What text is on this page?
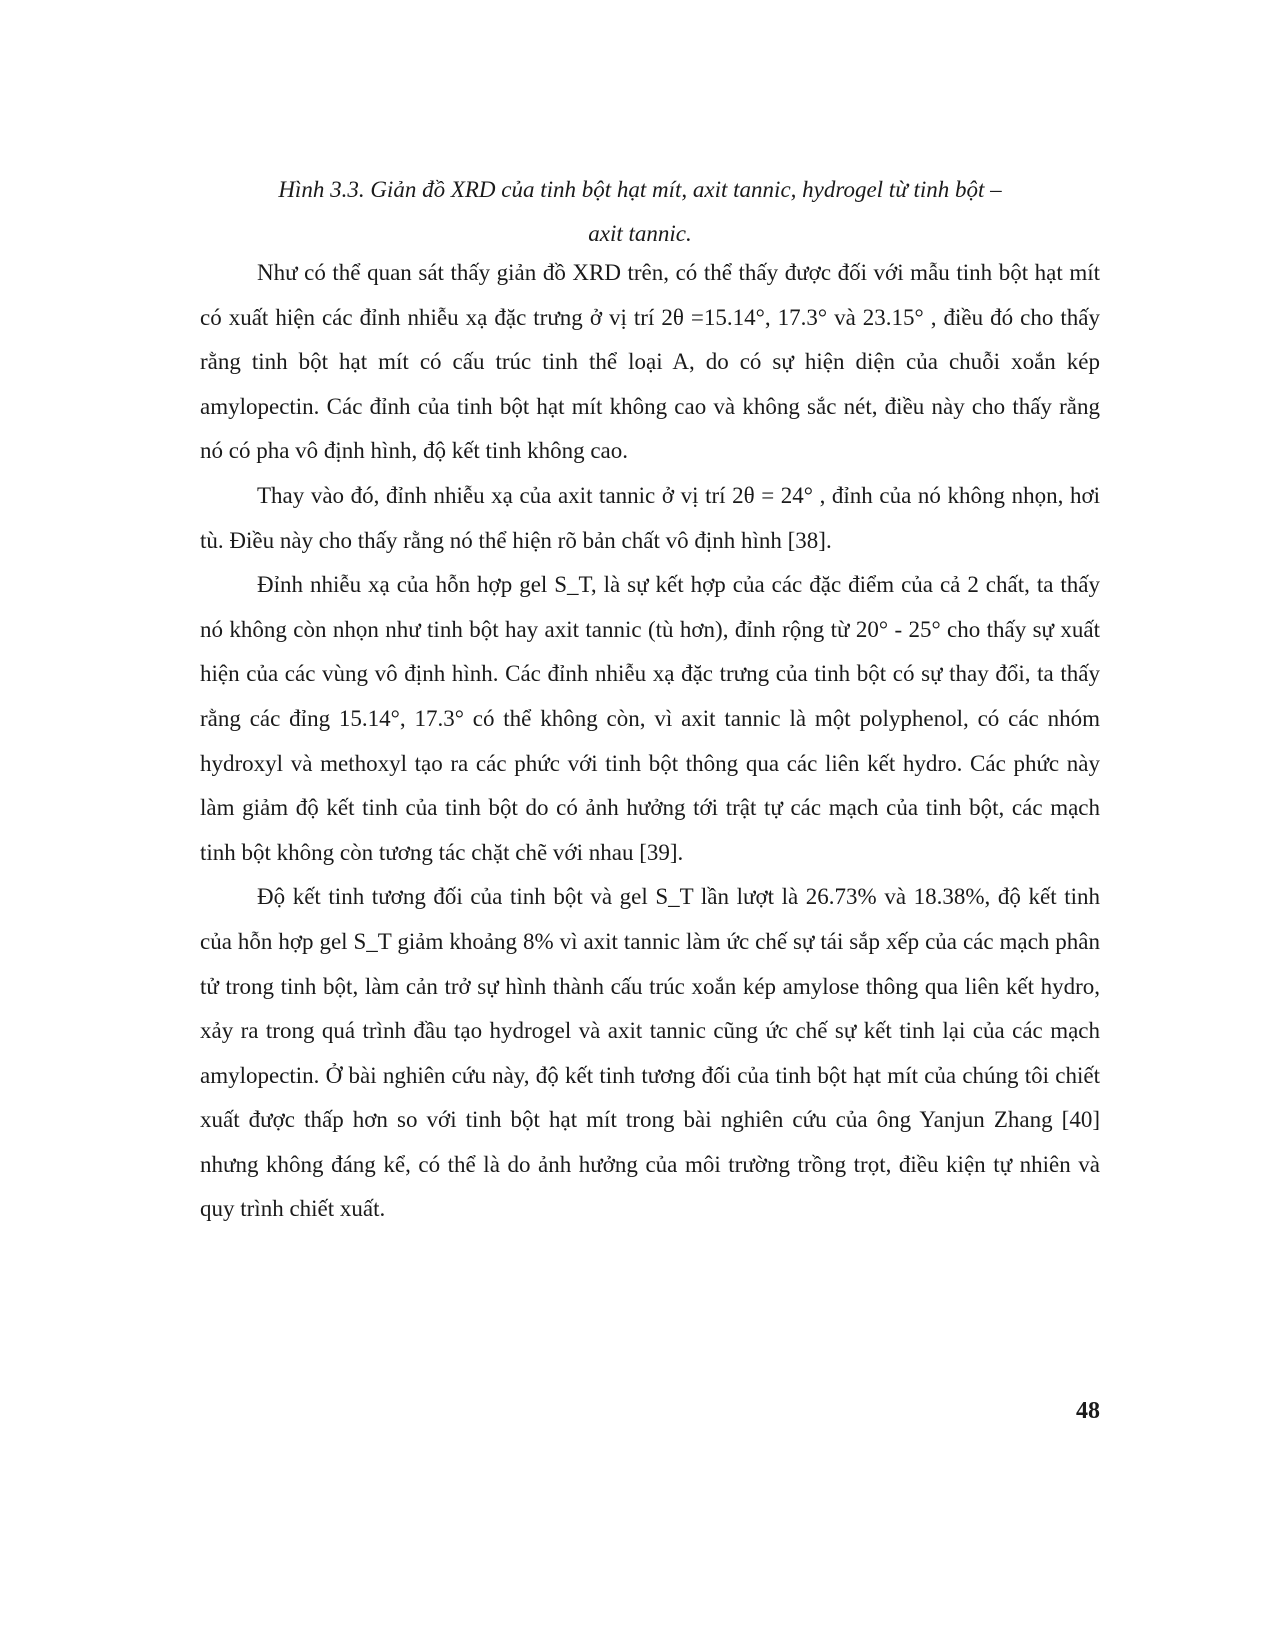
Hình 3.3. Giản đồ XRD của tinh bột hạt mít, axit tannic, hydrogel từ tinh bột –
axit tannic.

Như có thể quan sát thấy giản đồ XRD trên, có thể thấy được đối với mẫu tinh bột hạt mít có xuất hiện các đỉnh nhiễu xạ đặc trưng ở vị trí 2θ =15.14°, 17.3° và 23.15° , điều đó cho thấy rằng tinh bột hạt mít có cấu trúc tinh thể loại A, do có sự hiện diện của chuỗi xoắn kép amylopectin. Các đỉnh của tinh bột hạt mít không cao và không sắc nét, điều này cho thấy rằng nó có pha vô định hình, độ kết tinh không cao.

Thay vào đó, đỉnh nhiễu xạ của axit tannic ở vị trí 2θ = 24° , đỉnh của nó không nhọn, hơi tù. Điều này cho thấy rằng nó thể hiện rõ bản chất vô định hình [38].

Đỉnh nhiễu xạ của hỗn hợp gel S_T, là sự kết hợp của các đặc điểm của cả 2 chất, ta thấy nó không còn nhọn như tinh bột hay axit tannic (tù hơn), đỉnh rộng từ 20° - 25° cho thấy sự xuất hiện của các vùng vô định hình. Các đỉnh nhiễu xạ đặc trưng của tinh bột có sự thay đổi, ta thấy rằng các đỉng 15.14°, 17.3° có thể không còn, vì axit tannic là một polyphenol, có các nhóm hydroxyl và methoxyl tạo ra các phức với tinh bột thông qua các liên kết hydro. Các phức này làm giảm độ kết tinh của tinh bột do có ảnh hưởng tới trật tự các mạch của tinh bột, các mạch tinh bột không còn tương tác chặt chẽ với nhau [39].

Độ kết tinh tương đối của tinh bột và gel S_T lần lượt là 26.73% và 18.38%, độ kết tinh của hỗn hợp gel S_T giảm khoảng 8% vì axit tannic làm ức chế sự tái sắp xếp của các mạch phân tử trong tinh bột, làm cản trở sự hình thành cấu trúc xoắn kép amylose thông qua liên kết hydro, xảy ra trong quá trình đầu tạo hydrogel và axit tannic cũng ức chế sự kết tinh lại của các mạch amylopectin. Ở bài nghiên cứu này, độ kết tinh tương đối của tinh bột hạt mít của chúng tôi chiết xuất được thấp hơn so với tinh bột hạt mít trong bài nghiên cứu của ông Yanjun Zhang [40] nhưng không đáng kể, có thể là do ảnh hưởng của môi trường trồng trọt, điều kiện tự nhiên và quy trình chiết xuất.

48
